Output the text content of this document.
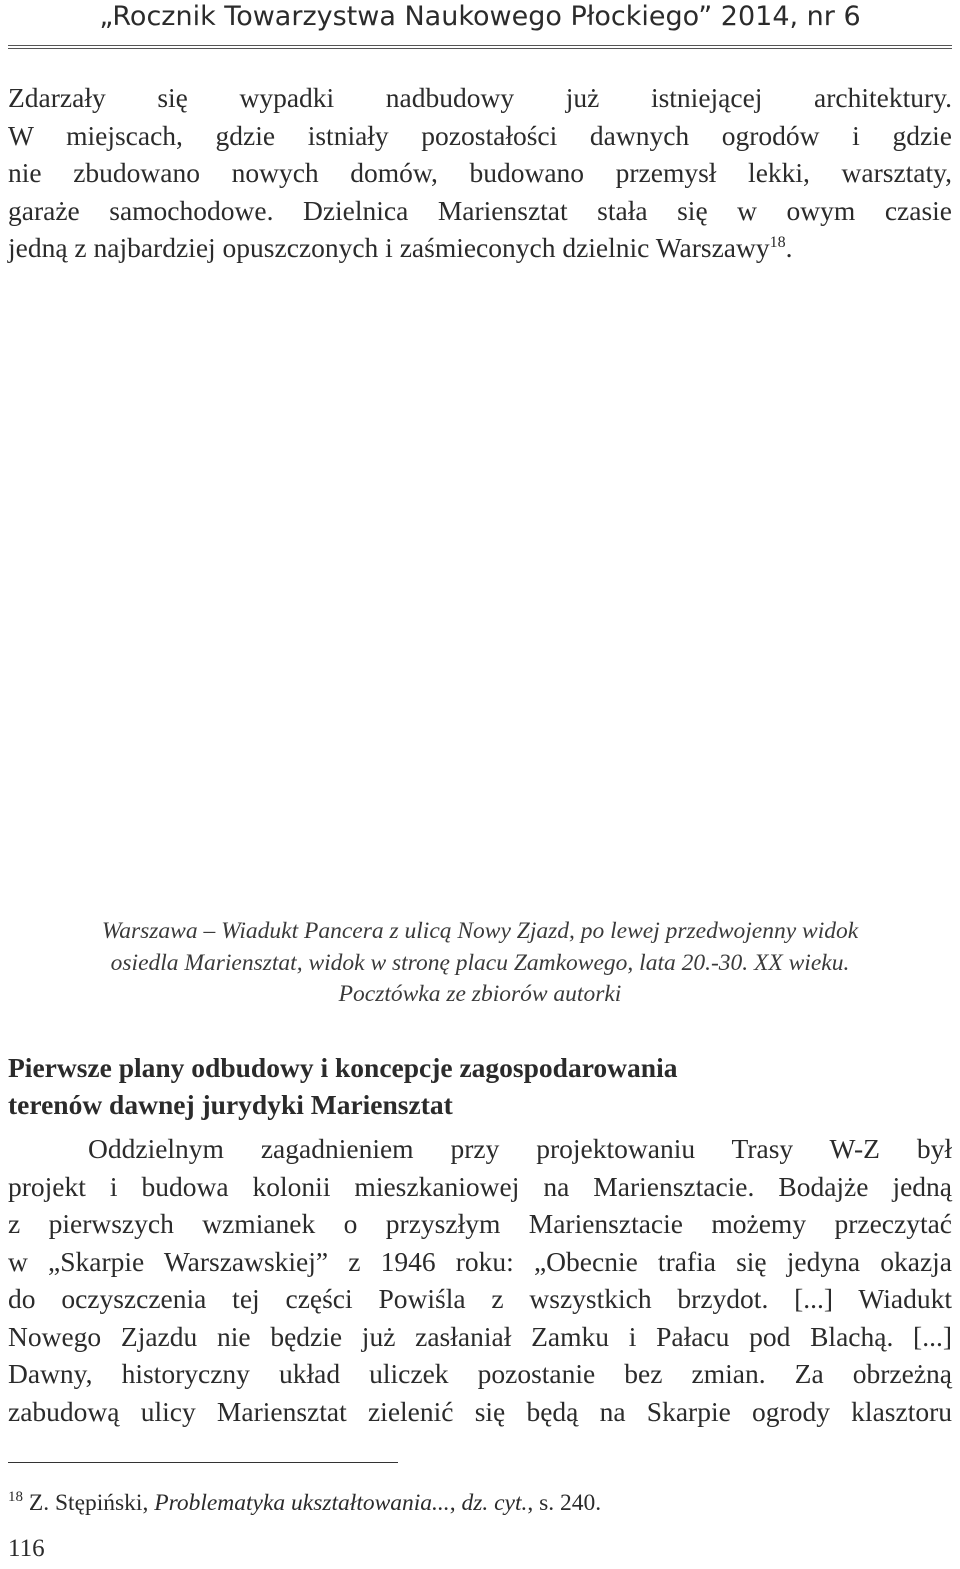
„Rocznik Towarzystwa Naukowego Płockiego” 2014, nr 6
Zdarzały się wypadki nadbudowy już istniejącej architektury.
W miejscach, gdzie istniały pozostałości dawnych ogrodów i gdzie
nie zbudowano nowych domów, budowano przemysł lekki, warsztaty,
garaże samochodowe. Dzielnica Mariensztat stała się w owym czasie
jedną z najbardziej opuszczonych i zaśmieconych dzielnic Warszawy$^{18}$.
Warszawa – Wiadukt Pancera z ulicą Nowy Zjazd, po lewej przedwojenny widok
osiedla Mariensztat, widok w stronę placu Zamkowego, lata 20.-30. XX wieku.
Pocztówka ze zbiorów autorki
Pierwsze plany odbudowy i koncepcje zagospodarowania
terenów dawnej jurydyki Mariensztat
Oddzielnym zagadnieniem przy projektowaniu Trasy W-Z był
projekt i budowa kolonii mieszkaniowej na Mariensztacie. Bodajże jedną
z pierwszych wzmianek o przyszłym Mariensztacie możemy przeczytać
w „Skarpie Warszawskiej” z 1946 roku: „Obecnie trafia się jedyna okazja
do oczyszczenia tej części Powiśla z wszystkich brzydot. [...] Wiadukt
Nowego Zjazdu nie będzie już zasłaniał Zamku i Pałacu pod Blachą. [...]
Dawny, historyczny układ uliczek pozostanie bez zmian. Za obrzeżną
zabudową ulicy Mariensztat zielenić się będą na Skarpie ogrody klasztoru
$^{18}$ Z. Stępiński, Problematyka ukształtowania..., dz. cyt., s. 240.
116
